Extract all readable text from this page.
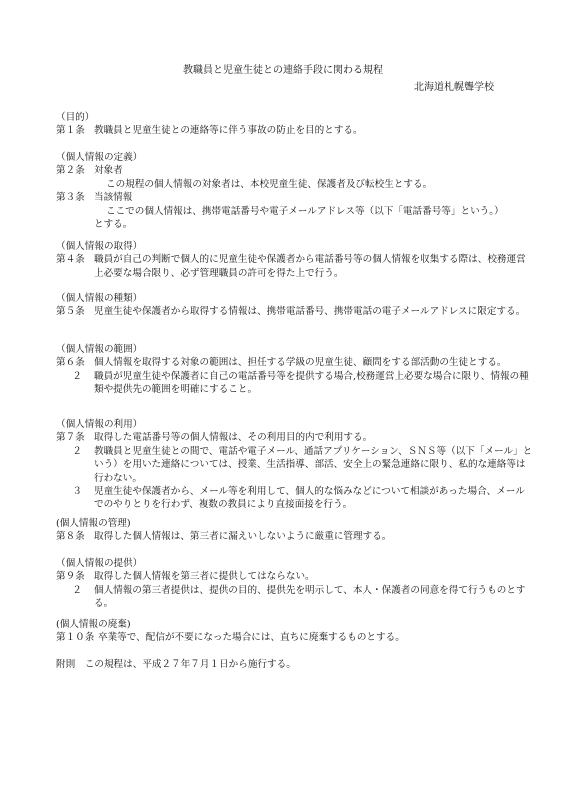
教職員と児童生徒との連絡手段に関わる規程
北海道札幌聾学校
（目的）
第１条 教職員と児童生徒との連絡等に伴う事故の防止を目的とする。
（個人情報の定義）
第２条 対象者
この規程の個人情報の対象者は、本校児童生徒、保護者及び転校生とする。
第３条 当該情報
ここでの個人情報は、携帯電話番号や電子メールアドレス等（以下「電話番号等」という。）
とする。
（個人情報の取得）
第４条 職員が自己の判断で個人的に児童生徒や保護者から電話番号等の個人情報を収集する際は、校務運営上必要な場合限り、必ず管理職員の許可を得た上で行う。
（個人情報の種類）
第５条 児童生徒や保護者から取得する情報は、携帯電話番号、携帯電話の電子メールアドレスに限定する。
（個人情報の範囲）
第６条 個人情報を取得する対象の範囲は、担任する学級の児童生徒、顧問をする部活動の生徒とする。
２	職員が児童生徒や保護者に自己の電話番号等を提供する場合,校務運営上必要な場合に限り、情報の種類や提供先の範囲を明確にすること。
（個人情報の利用）
第７条 取得した電話番号等の個人情報は、その利用目的内で利用する。
２	教職員と児童生徒との間で、電話や電子メール、通話アプリケーション、ＳＮＳ等（以下「メール」という）を用いた連絡については、授業、生活指導、部活、安全上の緊急連絡に限り、私的な連絡等は行わない。
３	児童生徒や保護者から、メール等を利用して、個人的な悩みなどについて相談があった場合、メールでのやりとりを行わず、複数の教員により直接面接を行う。
(個人情報の管理)
第８条 取得した個人情報は、第三者に漏えいしないように厳重に管理する。
（個人情報の提供）
第９条 取得した個人情報を第三者に提供してはならない。
２	個人情報の第三者提供は、提供の目的、提供先を明示して、本人・保護者の同意を得て行うものとする。
(個人情報の廃棄)
第１０条 卒業等で、配信が不要になった場合には、直ちに廃棄するものとする。
附則　この規程は、平成２７年７月１日から施行する。
